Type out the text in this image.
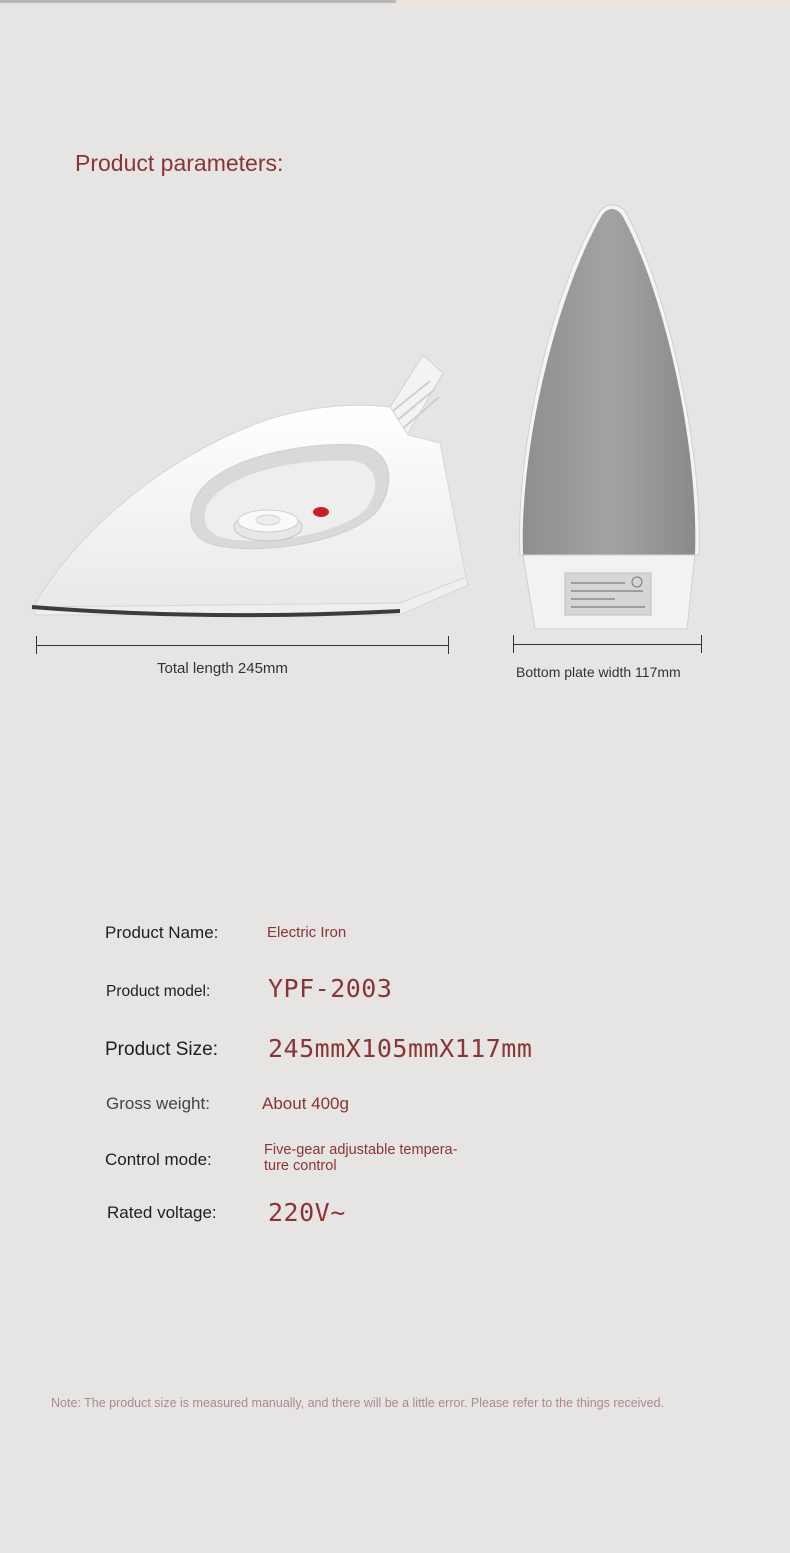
Product parameters:
Total length 245mm	Bottom plate width 117mm
Product Name:	Electric Iron
Product model: YPF-2003
Product Size: 245mmX105mmX117mm
Gross weight:	About 400g
Control mode:	Five-gear adjustable tempera-ture control
Rated voltage: 220V~
Note: The product size is measured manually, and there will be a little error. Please refer to the things received.
